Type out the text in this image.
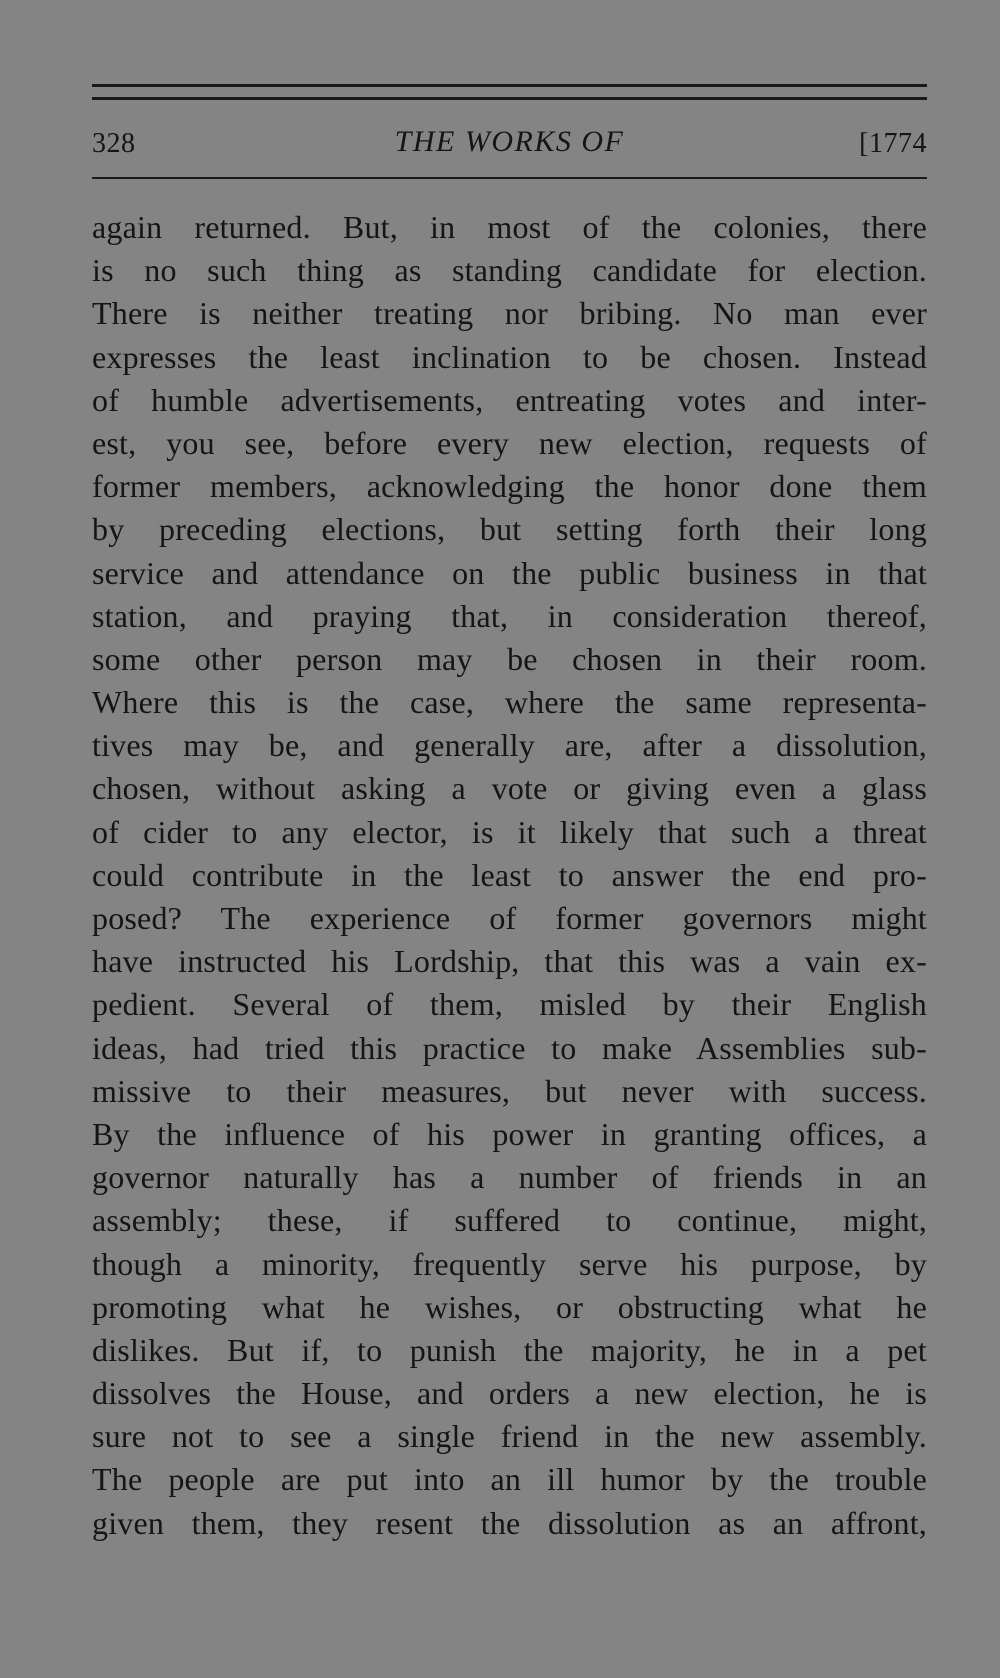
328	THE WORKS OF	[1774
again returned. But, in most of the colonies, there
is no such thing as standing candidate for election.
There is neither treating nor bribing. No man ever
expresses the least inclination to be chosen. Instead
of humble advertisements, entreating votes and inter-
est, you see, before every new election, requests of
former members, acknowledging the honor done them
by preceding elections, but setting forth their long
service and attendance on the public business in that
station, and praying that, in consideration thereof,
some other person may be chosen in their room.
Where this is the case, where the same representa-
tives may be, and generally are, after a dissolution,
chosen, without asking a vote or giving even a glass
of cider to any elector, is it likely that such a threat
could contribute in the least to answer the end pro-
posed? The experience of former governors might
have instructed his Lordship, that this was a vain ex-
pedient. Several of them, misled by their English
ideas, had tried this practice to make Assemblies sub-
missive to their measures, but never with success.
By the influence of his power in granting offices, a
governor naturally has a number of friends in an
assembly; these, if suffered to continue, might,
though a minority, frequently serve his purpose, by
promoting what he wishes, or obstructing what he
dislikes. But if, to punish the majority, he in a pet
dissolves the House, and orders a new election, he is
sure not to see a single friend in the new assembly.
The people are put into an ill humor by the trouble
given them, they resent the dissolution as an affront,
